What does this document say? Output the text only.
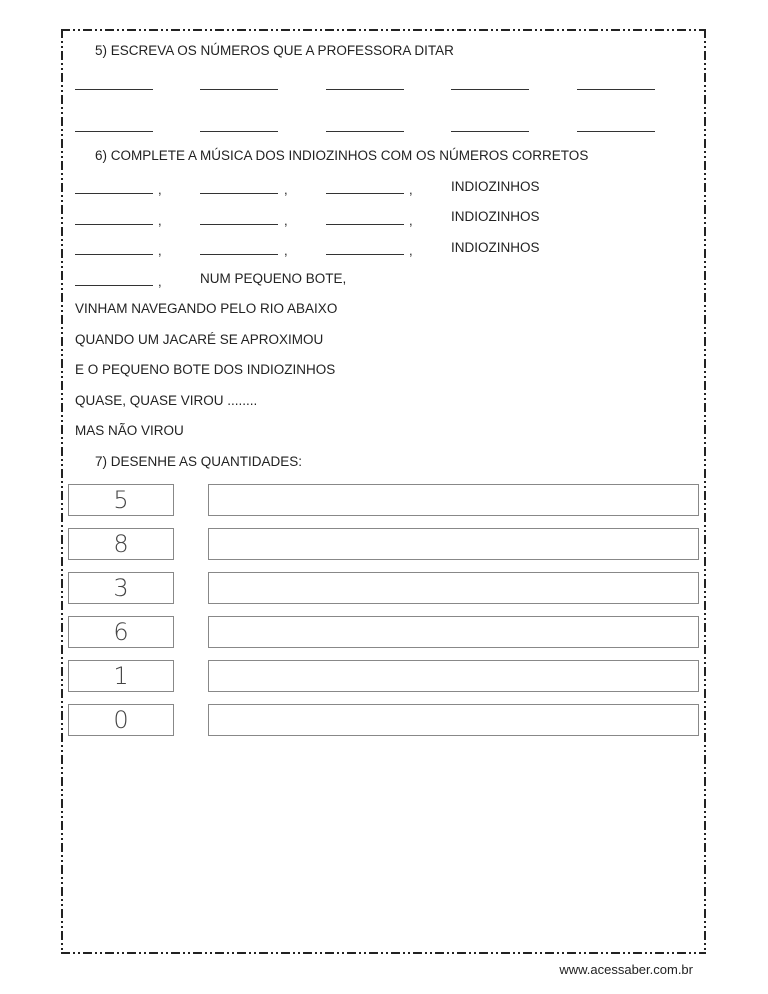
5) ESCREVA OS NÚMEROS QUE A PROFESSORA DITAR
6) COMPLETE A MÚSICA DOS INDIOZINHOS COM OS NÚMEROS CORRETOS
,	,	,	INDIOZINHOS
,	,	,	INDIOZINHOS
,	,	,	INDIOZINHOS
,	NUM PEQUENO BOTE,
VINHAM NAVEGANDO PELO RIO ABAIXO
QUANDO UM JACARÉ SE APROXIMOU
E O PEQUENO BOTE DOS INDIOZINHOS
QUASE, QUASE VIROU ........
MAS NÃO VIROU
7) DESENHE AS QUANTIDADES:
5
8
3
6
1
0
www.acessaber.com.br
